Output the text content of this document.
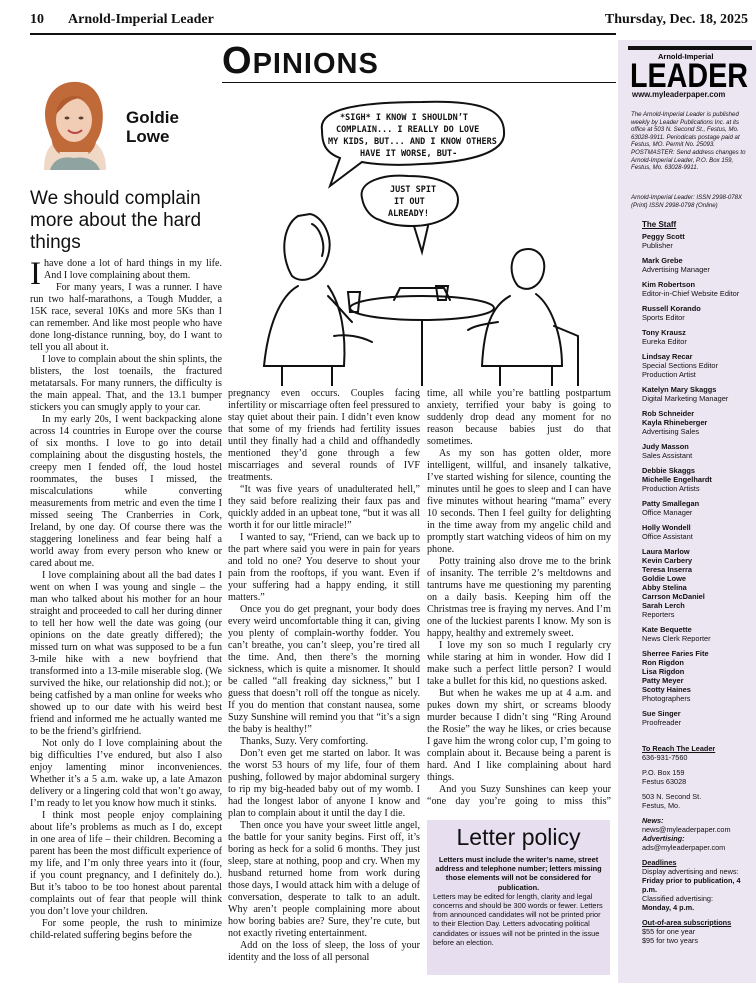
10 Arnold-Imperial Leader	Thursday, Dec. 18, 2025
OPINIONS
Goldie
Lowe
We should complain more about the hard things

Ihave done a lot of hard things in my life. And I love complaining about them.

For many years, I was a runner. I have run two half-marathons, a Tough Mudder, a 15K race, several 10Ks and more 5Ks than I can remember. And like most people who have done long-distance running, boy, do I want to tell you all about it.

I love to complain about the shin splints, the blisters, the lost toenails, the fractured metatarsals. For many runners, the difficulty is the main appeal. That, and the 13.1 bumper stickers you can smugly apply to your car.

In my early 20s, I went backpacking alone across 14 countries in Europe over the course of six months. I love to go into detail complaining about the disgusting hostels, the creepy men I fended off, the loud hostel roommates, the buses I missed, the miscalculations while converting measurements from metric and even the time I missed seeing The Cranberries in Cork, Ireland, by one day. Of course there was the staggering loneliness and fear being half a world away from every person who knew or cared about me.

I love complaining about all the bad dates I went on when I was young and single – the man who talked about his mother for an hour straight and proceeded to call her during dinner to tell her how well the date was going (our opinions on the date greatly differed); the missed turn on what was supposed to be a fun 3-mile hike with a new boyfriend that transformed into a 13-mile miserable slog. (We survived the hike, our relationship did not.); or being catfished by a man online for weeks who showed up to our date with his weird best friend and informed me he actually wanted me to be the friend’s girlfriend.

Not only do I love complaining about the big difficulties I’ve endured, but also I also enjoy lamenting minor inconveniences. Whether it’s a 5 a.m. wake up, a late Amazon delivery or a lingering cold that won’t go away, I’m ready to let you know how much it stinks.

I think most people enjoy complaining about life’s problems as much as I do, except in one area of life – their children. Becoming a parent has been the most difficult experience of my life, and I’m only three years into it (four, if you count pregnancy, and I definitely do.). But it’s taboo to be too honest about parental complaints out of fear that people will think you don’t love your children.

For some people, the rush to minimize child-related suffering begins before the

pregnancy even occurs. Couples facing infertility or miscarriage often feel pressured to stay quiet about their pain. I didn’t even know that some of my friends had fertility issues until they finally had a child and offhandedly mentioned they’d gone through a few miscarriages and several rounds of IVF treatments.

“It was five years of unadulterated hell,” they said before realizing their faux pas and quickly added in an upbeat tone, “but it was all worth it for our little miracle!”

I wanted to say, “Friend, can we back up to the part where said you were in pain for years and told no one? You deserve to shout your pain from the rooftops, if you want. Even if your suffering had a happy ending, it still matters.”

Once you do get pregnant, your body does every weird uncomfortable thing it can, giving you plenty of complain-worthy fodder. You can’t breathe, you can’t sleep, you’re tired all the time. And, then there’s the morning sickness, which is quite a misnomer. It should be called “all freaking day sickness,” but I guess that doesn’t roll off the tongue as nicely. If you do mention that constant nausea, some Suzy Sunshine will remind you that “it’s a sign the baby is healthy!”

Thanks, Suzy. Very comforting.

Don’t even get me started on labor. It was the worst 53 hours of my life, four of them pushing, followed by major abdominal surgery to rip my big-headed baby out of my womb. I had the longest labor of anyone I know and plan to complain about it until the day I die.

Then once you have your sweet little angel, the battle for your sanity begins. First off, it’s boring as heck for a solid 6 months. They just sleep, stare at nothing, poop and cry. When my husband returned home from work during those days, I would attack him with a deluge of conversation, desperate to talk to an adult. Why aren’t people complaining more about how boring babies are? Sure, they’re cute, but not exactly riveting entertainment.

Add on the loss of sleep, the loss of your identity and the loss of all personal

time, all while you’re battling postpartum anxiety, terrified your baby is going to suddenly drop dead any moment for no reason because babies just do that sometimes.

As my son has gotten older, more intelligent, willful, and insanely talkative, I’ve started wishing for silence, counting the minutes until he goes to sleep and I can have five minutes without hearing “mama” every 10 seconds. Then I feel guilty for delighting in the time away from my angelic child and promptly start watching videos of him on my phone.

Potty training also drove me to the brink of insanity. The terrible 2’s meltdowns and tantrums have me questioning my parenting on a daily basis. Keeping him off the Christmas tree is fraying my nerves. And I’m one of the luckiest parents I know. My son is happy, healthy and extremely sweet.

I love my son so much I regularly cry while staring at him in wonder. How did I make such a perfect little person? I would take a bullet for this kid, no questions asked.

But when he wakes me up at 4 a.m. and pukes down my shirt, or screams bloody murder because I didn’t sing “Ring Around the Rosie” the way he likes, or cries because I gave him the wrong color cup, I’m going to complain about it. Because being a parent is hard. And I like complaining about hard things.

And you Suzy Sunshines can keep your “one day you’re going to miss this”

*SIGH* I KNOW I SHOULDN’T
COMPLAIN... I REALLY DO LOVE
MY KIDS, BUT... AND I KNOW OTHERS
HAVE IT WORSE, BUT-
JUST SPIT
IT OUT
ALREADY!
Letter policy
Letters must include the writer’s name, street address and telephone number; letters missing those elements will not be considered for publication.
Letters may be edited for length, clarity and legal concerns and should be 300 words or fewer. Letters from announced candidates will not be printed prior to their Election Day. Letters advocating political candidates or issues will not be printed in the issue before an election.
Arnold-Imperial
LEADER
www.myleaderpaper.com
The Arnold-Imperial Leader is published weekly by Leader Publications Inc. at its office at 503 N. Second St., Festus, Mo. 63028-9911. Periodicals postage paid at Festus, MO. Permit No. 25093. POSTMASTER: Send address changes to Arnold-Imperial Leader, P.O. Box 159, Festus, Mo. 63028-9911.
Arnold-Imperial Leader: ISSN 2998-078X (Print) ISSN 2998-0798 (Online)
The Staff
Peggy Scott
Publisher
Mark Grebe
Advertising Manager
Kim Robertson
Editor-in-Chief Website Editor
Russell Korando
Sports Editor
Tony Krausz
Eureka Editor
Lindsay Recar
Special Sections Editor Production Artist
Katelyn Mary Skaggs
Digital Marketing Manager
Rob Schneider
Kayla Rhineberger
Advertising Sales
Judy Masson
Sales Assistant
Debbie Skaggs
Michelle Engelhardt
Production Artists
Patty Smallegan
Office Manager
Holly Wondell
Office Assistant
Laura Marlow
Kevin Carbery
Teresa Inserra
Goldie Lowe
Abby Stelina
Carrson McDaniel
Sarah Lerch
Reporters
Kate Bequette
News Clerk Reporter
Sherree Faries Fite
Ron Rigdon
Lisa Rigdon
Patty Meyer
Scotty Haines
Photographers
Sue Singer
Proofreader
To Reach The Leader
636-931-7560
P.O. Box 159
Festus 63028
503 N. Second St.
Festus, Mo.
News:
news@myleaderpaper.com
Advertising:
ads@myleaderpaper.com
Deadlines
Display advertising and news:
Friday prior to publication, 4 p.m.
Classified advertising:
Monday, 4 p.m.
Out-of-area subscriptions
$55 for one year
$95 for two years
